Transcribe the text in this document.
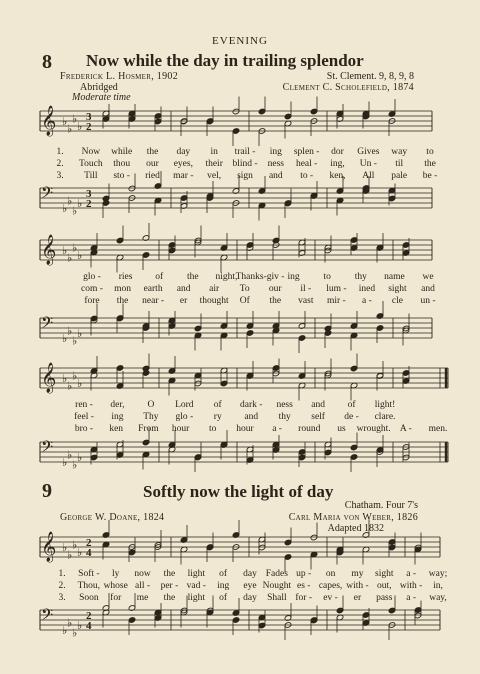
EVENING
8 Now while the day in trailing splendor
Frederick L. Hosmer, 1902
Abridged
St. Clement. 9, 8, 9, 8
Clement C. Scholefield, 1874
Moderate time
𝄞 ♭
♭
♭
♭
3
2
1. Now while the day in trail - ing splen - dor Gives way to
2. Touch thou our eyes, their blind - ness heal - ing, Un - til the
3. Till sto - ried mar - vel, sign and to - ken, All pale be -
𝄢
♭
♭
♭
♭
3
2
𝄞 ♭
♭
♭
♭
glo - ries of	the night,
Thanks-giv - ing	to	thy name we
com - mon earth and air To our il - lum - ined sight and
fore the near - er thought Of the vast mir - a - cle un -
𝄢
♭
♭
♭
♭
𝄞 ♭
♭
♭
♭
ren - der, O Lord of dark - ness and of light!
feel - ing Thy glo - ry and thy self de - clare.
bro - ken From hour to hour a - round us wrought. A - men.
𝄢
♭
♭
♭
♭
9	Softly now the light of day
Chatham. Four 7's
George W. Doane, 1824	Carl Maria von Weber, 1826
Adapted 1832
𝄞 ♭
♭
♭
♭
2
4
1. Soft - ly now the light of day Fades up - on my sight a - way;
2. Thou, whose all - per - vad - ing eye Nought es - capes, with - out, with - in,
3. Soon for me the light of day Shall for - ev - er pass a - way,
𝄢
♭
♭
♭
♭
2
4
